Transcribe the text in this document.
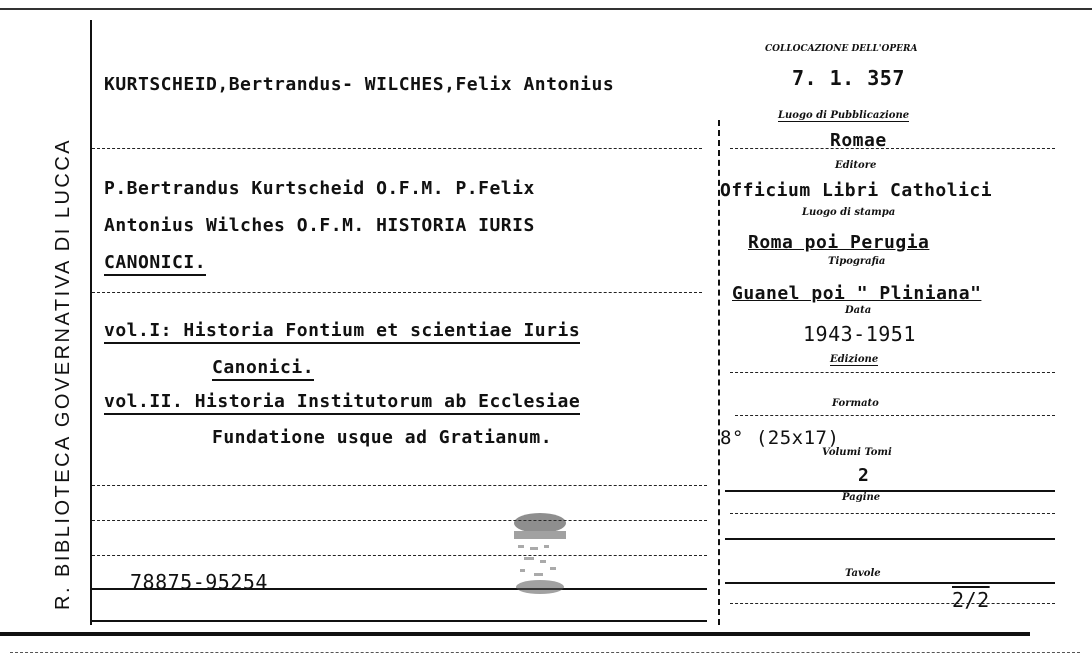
R. BIBLIOTECA GOVERNATIVA DI LUCCA
KURTSCHEID,Bertrandus- WILCHES,Felix Antonius
P.Bertrandus Kurtscheid O.F.M. P.Felix
Antonius Wilches O.F.M. HISTORIA IURIS
CANONICI.
vol.I: Historia Fontium et scientiae Iuris
Canonici.
vol.II. Historia Institutorum ab Ecclesiae
Fundatione usque ad Gratianum.
78875-95254
COLLOCAZIONE DELL'OPERA
7. 1. 357
Luogo di Pubblicazione
Romae
Editore
Officium Libri Catholici
Luogo di stampa
Roma poi Perugia
Tipografia
Guanel poi " Pliniana"
Data
1943-1951
Edizione
Formato
8° (25x17)
Volumi Tomi
2
Pagine
Tavole
2/2
